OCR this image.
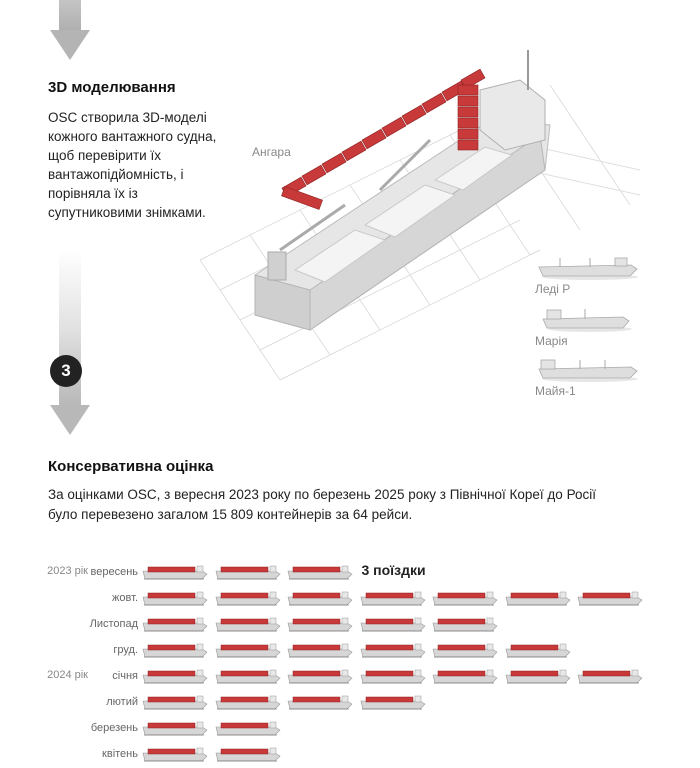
3D моделювання
OSC створила 3D-моделі кожного вантажного судна, щоб перевірити їх вантажопідйомність, і порівняла їх із супутниковими знімками.
3
Ангара
Леді Р
Марія
Майя-1
Консервативна оцінка
За оцінками OSC, з вересня 2023 року по березень 2025 року з Північної Кореї до Росії було перевезено загалом 15 809 контейнерів за 64 рейси.
2023 рік вересень	3 поїздки
жовт.
Листопад
груд.
2024 рік	січня
лютий
березень
квітень
